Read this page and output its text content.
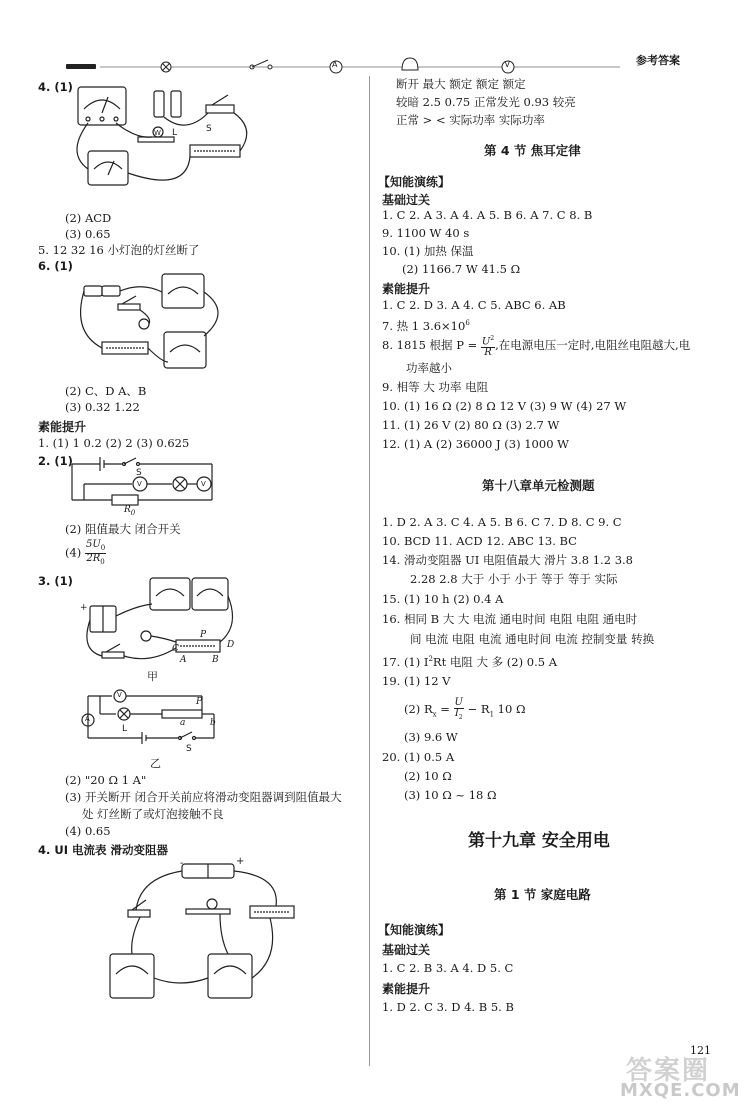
A	V	参考答案
4. (1)
W L	S
(2) ACD
(3) 0.65
5. 12 32 16 小灯泡的灯丝断了
6. (1)
(2) C、D A、B
(3) 0.32 1.22
素能提升
1. (1) 1 0.2 (2) 2 (3) 0.625
2. (1)
S
V	V
$R_0$
(2) 阻值最大 闭合开关
$(4) \frac{5U_0}{2R_0}$
3. (1)
+
P
C	D
B
A
甲
V
A
L
P
a	b
S
乙
(2) "20 Ω 1 A"
(3) 开关断开 闭合开关前应将滑动变阻器调到阻值最大
处 灯丝断了或灯泡接触不良
(4) 0.65
4. UI 电流表 滑动变阻器
-	+
断开 最大 额定 额定 额定
较暗 2.5 0.75 正常发光 0.93 较亮
正常 > < 实际功率 实际功率
第 4 节 焦耳定律
【知能演练】
基础过关
1. C 2. A 3. A 4. A 5. B 6. A 7. C 8. B
9. 1100 W 40 s
10. (1) 加热 保温
(2) 1166.7 W 41.5 Ω
素能提升
1. C 2. D 3. A 4. C 5. ABC 6. AB
7. 热 1 $3.6\times 10^6$
8. 1815 根据 $P = \frac{U^2}{R}$ ,在电源电压一定时,电阻丝电阻越大,电
功率越小
9. 相等 大 功率 电阻
10. (1) 16 Ω (2) 8 Ω 12 V (3) 9 W (4) 27 W
11. (1) 26 V (2) 80 Ω (3) 2.7 W
12. (1) A (2) 36000 J (3) 1000 W
第十八章单元检测题
1. D 2. A 3. C 4. A 5. B 6. C 7. D 8. C 9. C
10. BCD 11. ACD 12. ABC 13. BC
14. 滑动变阻器 UI 电阻值最大 滑片 3.8 1.2 3.8
2.28 2.8 大于 小于 小于 等于 等于 实际
15. (1) 10 h (2) 0.4 A
16. 相同 B 大 大 电流 通电时间 电阻 电阻 通电时
间 电流 电阻 电流 通电时间 电流 控制变量 转换
17. (1) $I^2Rt$ 电阻 大 多 (2) 0.5 A
19. (1) 12 V
(2) $R_x = \frac{U}{I_2} - R_1$ 10 Ω
(3) 9.6 W
20. (1) 0.5 A
(2) 10 Ω
(3) 10 Ω ~ 18 Ω
第十九章 安全用电
第 1 节 家庭电路
【知能演练】
基础过关
1. C 2. B 3. A 4. D 5. C
素能提升
1. D 2. C 3. D 4. B 5. B
121
答案圈
MXQE.COM
